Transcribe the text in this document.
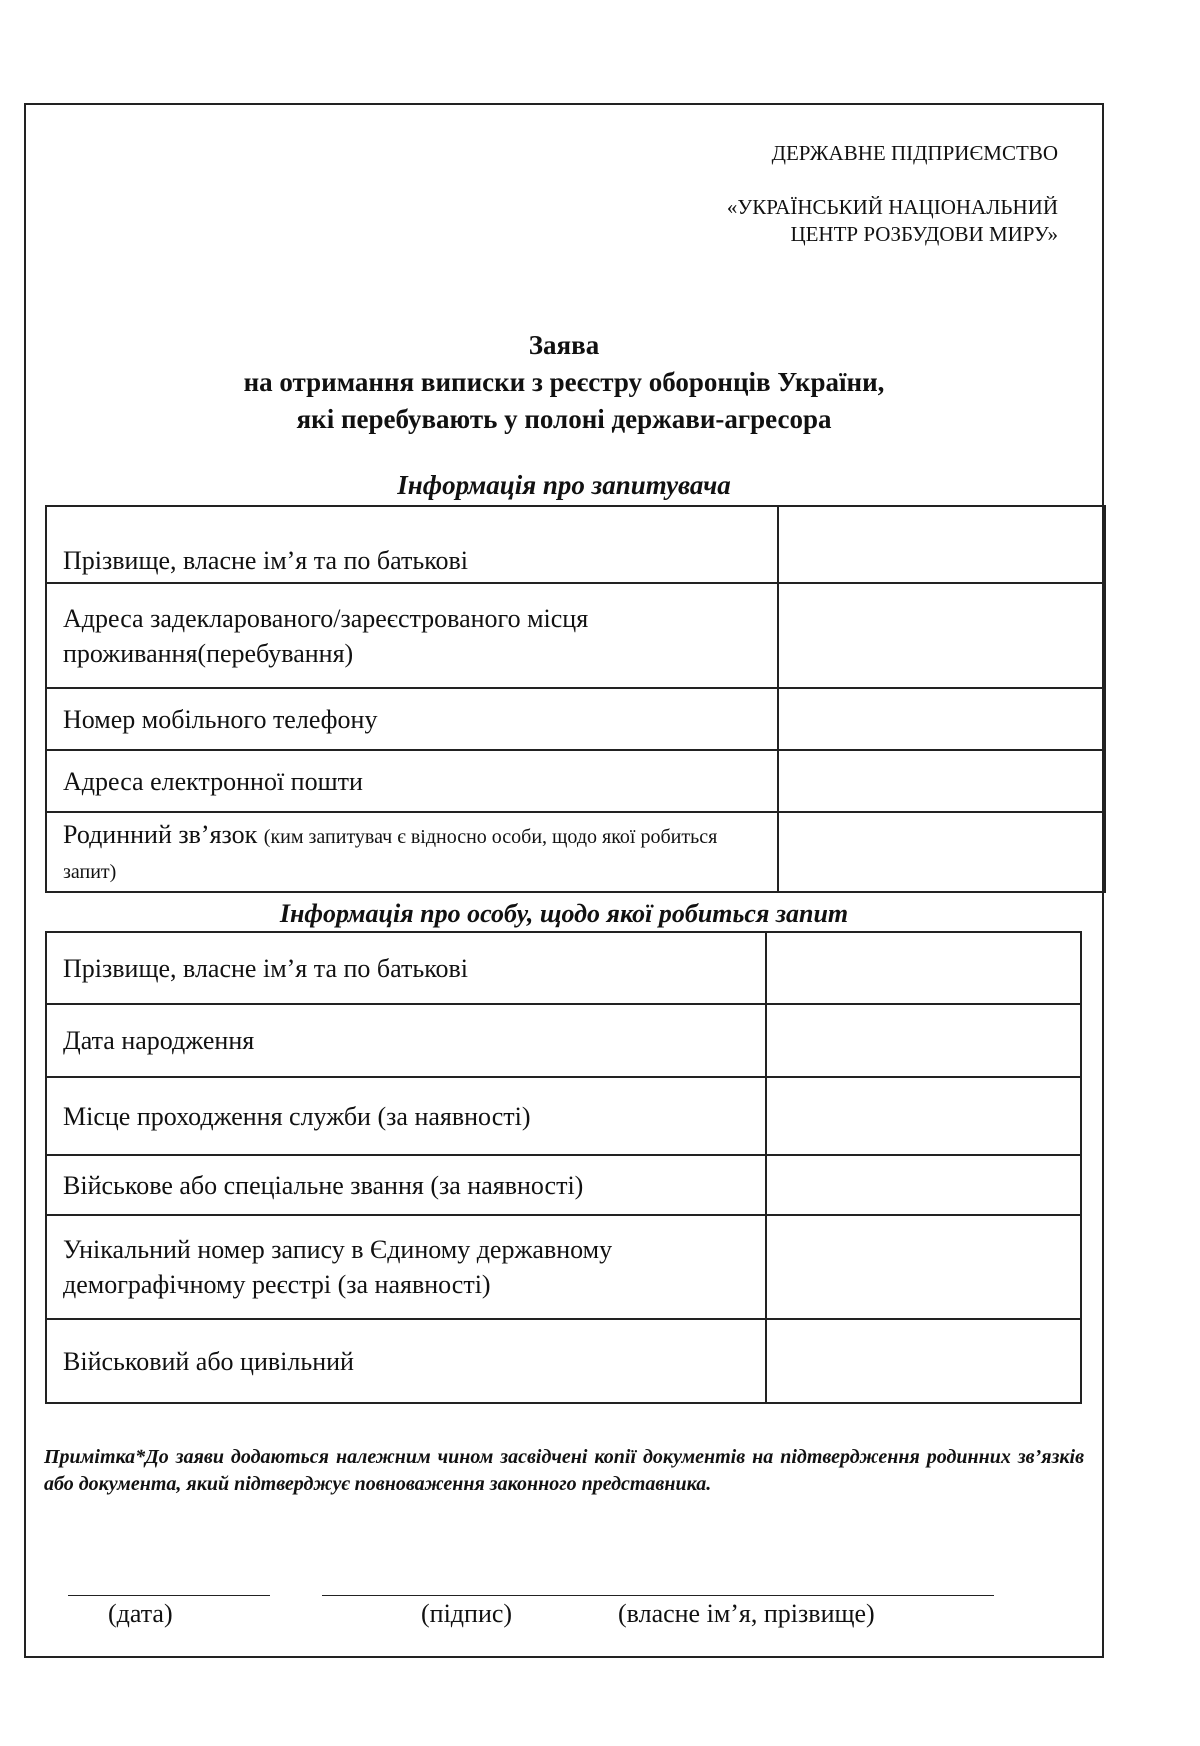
ДЕРЖАВНЕ ПІДПРИЄМСТВО
«УКРАЇНСЬКИЙ НАЦІОНАЛЬНИЙ
ЦЕНТР РОЗБУДОВИ МИРУ»
Заява
на отримання виписки з реєстру оборонців України,
які перебувають у полоні держави-агресора
Інформація про запитувача
Прізвище, власне ім’я та по батькові	
Адреса задекларованого/зареєстрованого місця проживання(перебування)	
Номер мобільного телефону	
Адреса електронної пошти	
Родинний зв’язок (ким запитувач є відносно особи, щодо якої робиться запит)	
Інформація про особу, щодо якої робиться запит
Прізвище, власне ім’я та по батькові	
Дата народження	
Місце проходження служби (за наявності)	
Військове або спеціальне звання (за наявності)	
Унікальний номер запису в Єдиному державному демографічному реєстрі (за наявності)	
Військовий або цивільний	
Примітка*До заяви додаються належним чином засвідчені копії документів на підтвердження родинних зв’язків або документа, який підтверджує повноваження законного представника.
(дата)	(підпис)	(власне ім’я, прізвище)
